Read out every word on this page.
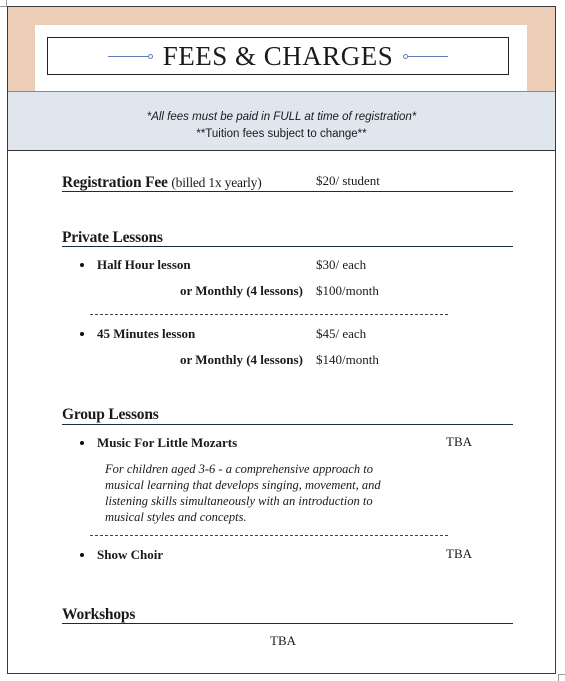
FEES & CHARGES
*All fees must be paid in FULL at time of registration*
**Tuition fees subject to change**
Registration Fee (billed 1x yearly)	$20/ student
Private Lessons
Half Hour lesson	$30/ each
or Monthly (4 lessons) $100/month
45 Minutes lesson	$45/ each
or Monthly (4 lessons) $140/month
Group Lessons
Music For Little Mozarts	TBA
For children aged 3-6 - a comprehensive approach to musical learning that develops singing, movement, and listening skills simultaneously with an introduction to musical styles and concepts.
Show Choir	TBA
Workshops
TBA
